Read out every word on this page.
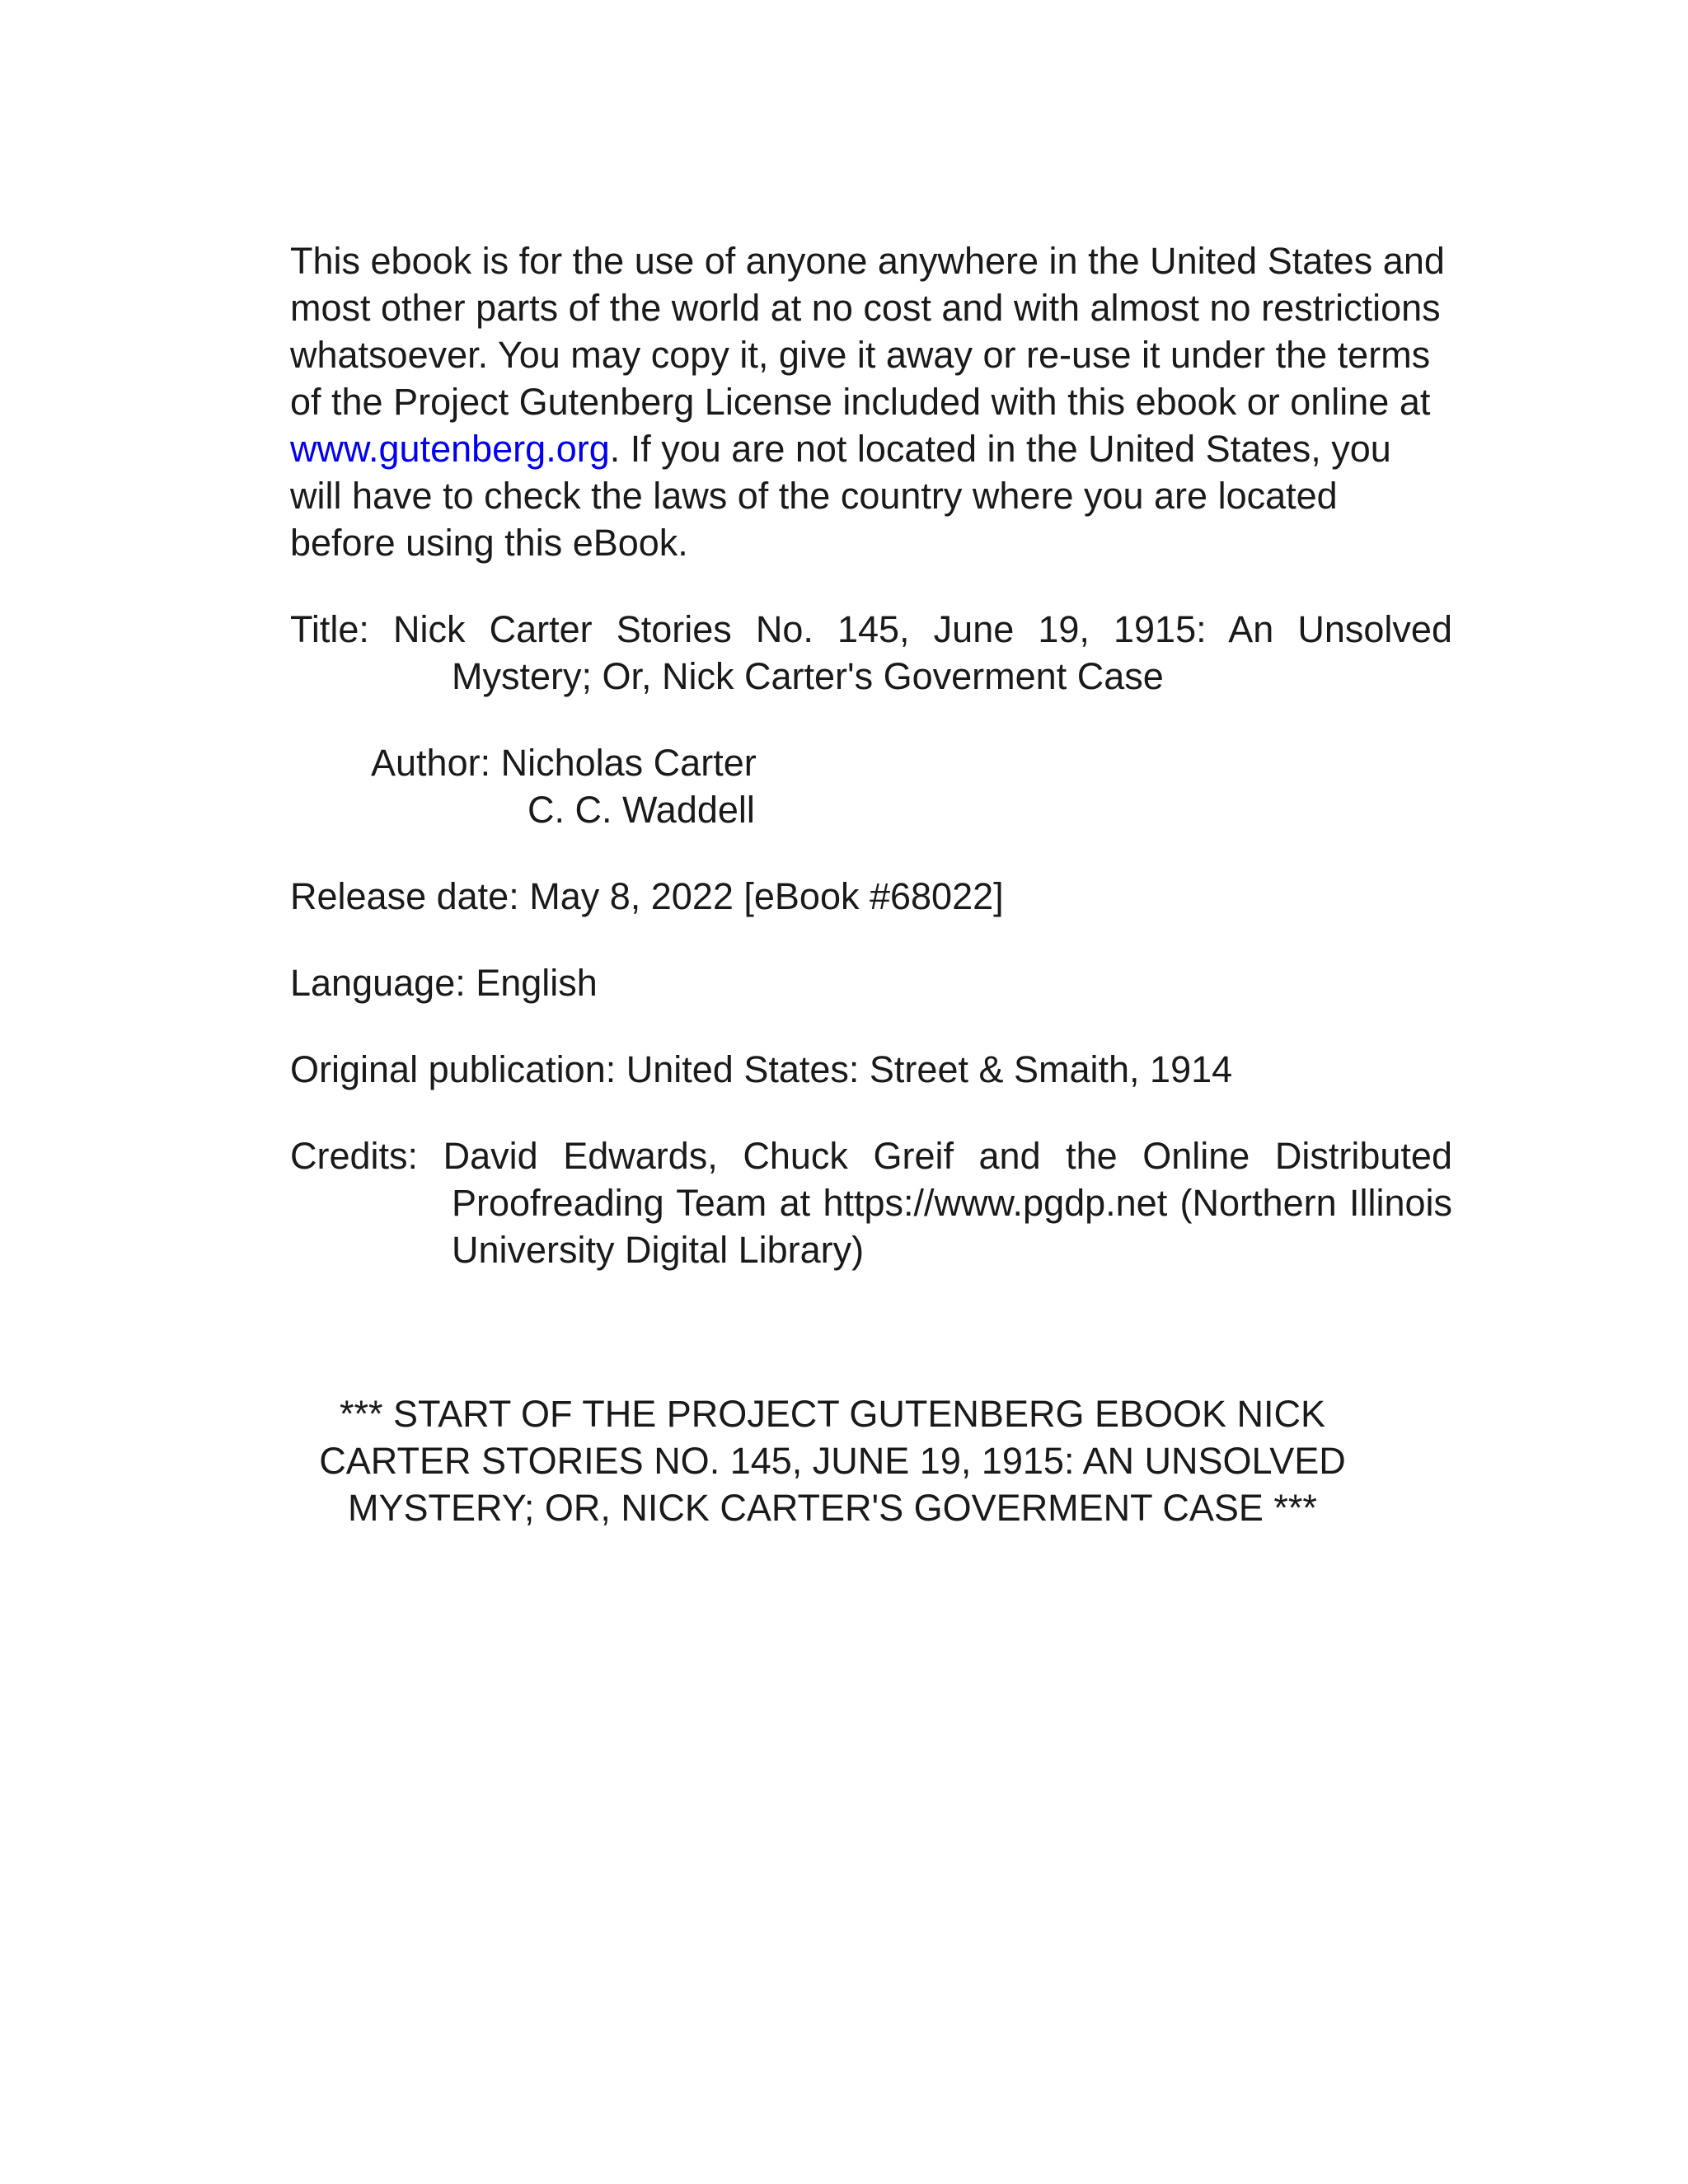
This ebook is for the use of anyone anywhere in the United States and most other parts of the world at no cost and with almost no restrictions whatsoever. You may copy it, give it away or re-use it under the terms of the Project Gutenberg License included with this ebook or online at www.gutenberg.org. If you are not located in the United States, you will have to check the laws of the country where you are located before using this eBook.

Title: Nick Carter Stories No. 145, June 19, 1915: An Unsolved Mystery; Or, Nick Carter's Goverment Case
Author: Nicholas Carter
C. C. Waddell
Release date: May 8, 2022 [eBook #68022]
Language: English
Original publication: United States: Street & Smaith, 1914
Credits: David Edwards, Chuck Greif and the Online Distributed Proofreading Team at https://www.pgdp.net (Northern Illinois University Digital Library)
*** START OF THE PROJECT GUTENBERG EBOOK NICK
CARTER STORIES NO. 145, JUNE 19, 1915: AN UNSOLVED
MYSTERY; OR, NICK CARTER'S GOVERMENT CASE ***
